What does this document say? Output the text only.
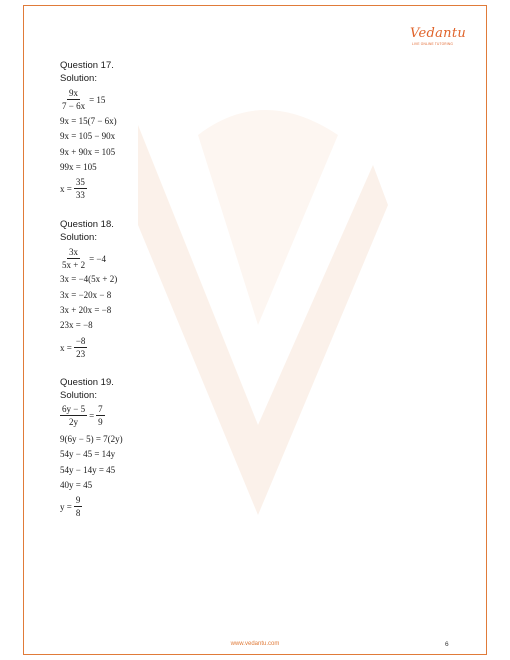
Vedantu
LIVE ONLINE TUTORING
Question 17.
Solution:
$\frac{9x}{7 - 6x} = 15$
9x = 15(7 − 6x)
9x = 105 − 90x
9x + 90x = 105
99x = 105
$x = \frac{35}{33}$
Question 18.
Solution:
$\frac{3x}{5x + 2} = -4$
3x = −4(5x + 2)
3x = −20x − 8
3x + 20x = −8
23x = −8
$x = \frac{-8}{23}$
Question 19.
Solution:
$\frac{6y - 5}{2y} = \frac{7}{9}$
9(6y − 5) = 7(2y)
54y − 45 = 14y
54y − 14y = 45
40y = 45
$y = \frac{9}{8}$
www.vedantu.com	6
